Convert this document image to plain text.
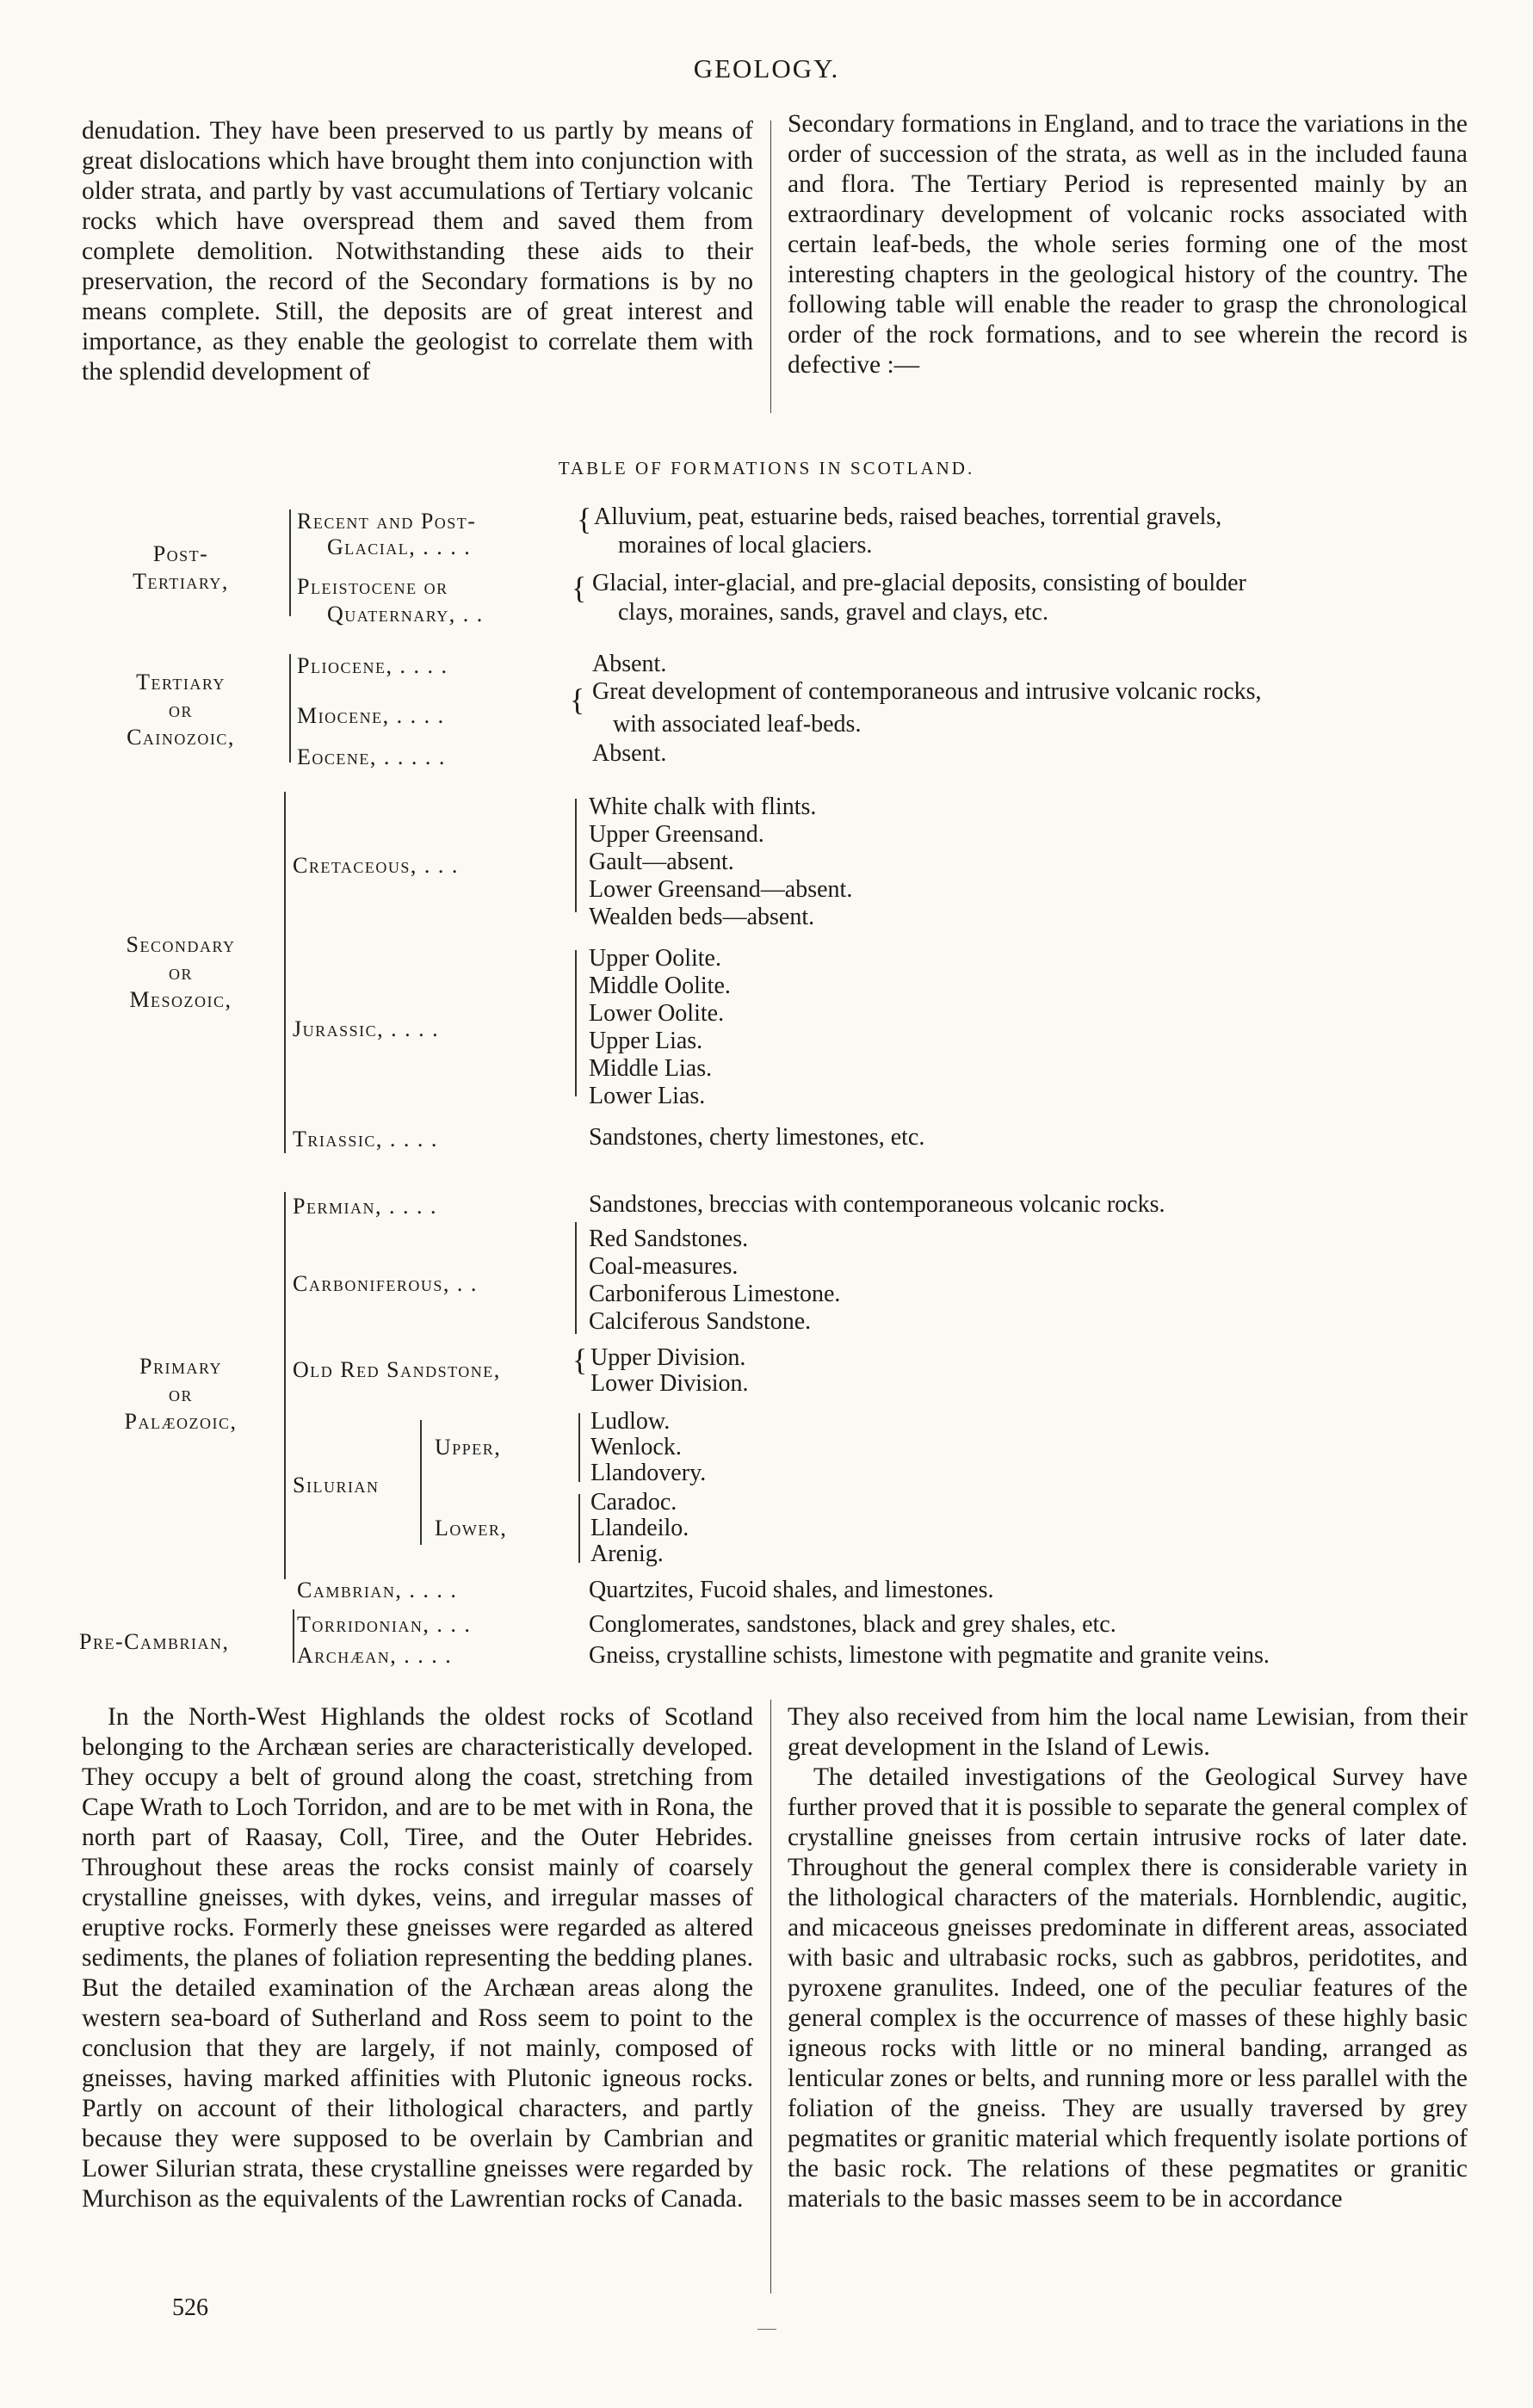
GEOLOGY.

denudation. They have been preserved to us partly by means of great dislocations which have brought them into conjunction with older strata, and partly by vast accumulations of Tertiary volcanic rocks which have overspread them and saved them from complete demolition. Notwithstanding these aids to their preservation, the record of the Secondary formations is by no means complete. Still, the deposits are of great interest and importance, as they enable the geologist to correlate them with the splendid development of

Secondary formations in England, and to trace the variations in the order of succession of the strata, as well as in the included fauna and flora. The Tertiary Period is represented mainly by an extraordinary development of volcanic rocks associated with certain leaf-beds, the whole series forming one of the most interesting chapters in the geological history of the country. The following table will enable the reader to grasp the chronological order of the rock formations, and to see wherein the record is defective :—

TABLE OF FORMATIONS IN SCOTLAND.
Post-
Tertiary,
Tertiary
or
Cainozoic,
Secondary
or
Mesozoic,
Primary
or
Palæozoic,
Pre-Cambrian,
Recent and Post-
Glacial, . . . .
Pleistocene or
Quaternary, . .
Pliocene, . . . .
Miocene, . . . .
Eocene, . . . . .
Cretaceous, . . .
Jurassic, . . . .
Triassic, . . . .
Permian, . . . .
Carboniferous, . .
Old Red Sandstone,
Silurian
Upper,
Lower,
Cambrian, . . . .
Torridonian, . . .
Archæan, . . . .
{
{
{
{
Alluvium, peat, estuarine beds, raised beaches, torrential gravels,
moraines of local glaciers.
Glacial, inter-glacial, and pre-glacial deposits, consisting of boulder
clays, moraines, sands, gravel and clays, etc.
Absent.
Great development of contemporaneous and intrusive volcanic rocks,
with associated leaf-beds.
Absent.
White chalk with flints.
Upper Greensand.
Gault—absent.
Lower Greensand—absent.
Wealden beds—absent.
Upper Oolite.
Middle Oolite.
Lower Oolite.
Upper Lias.
Middle Lias.
Lower Lias.
Sandstones, cherty limestones, etc.
Sandstones, breccias with contemporaneous volcanic rocks.
Red Sandstones.
Coal-measures.
Carboniferous Limestone.
Calciferous Sandstone.
Upper Division.
Lower Division.
Ludlow.
Wenlock.
Llandovery.
Caradoc.
Llandeilo.
Arenig.
Quartzites, Fucoid shales, and limestones.
Conglomerates, sandstones, black and grey shales, etc.
Gneiss, crystalline schists, limestone with pegmatite and granite veins.

In the North-West Highlands the oldest rocks of Scotland belonging to the Archæan series are characteristically developed. They occupy a belt of ground along the coast, stretching from Cape Wrath to Loch Torridon, and are to be met with in Rona, the north part of Raasay, Coll, Tiree, and the Outer Hebrides. Throughout these areas the rocks consist mainly of coarsely crystalline gneisses, with dykes, veins, and irregular masses of eruptive rocks. Formerly these gneisses were regarded as altered sediments, the planes of foliation representing the bedding planes. But the detailed examination of the Archæan areas along the western sea-board of Sutherland and Ross seem to point to the conclusion that they are largely, if not mainly, composed of gneisses, having marked affinities with Plutonic igneous rocks. Partly on account of their lithological characters, and partly because they were supposed to be overlain by Cambrian and Lower Silurian strata, these crystalline gneisses were regarded by Murchison as the equivalents of the Lawrentian rocks of Canada.

They also received from him the local name Lewisian, from their great development in the Island of Lewis.

The detailed investigations of the Geological Survey have further proved that it is possible to separate the general complex of crystalline gneisses from certain intrusive rocks of later date. Throughout the general complex there is considerable variety in the lithological characters of the materials. Hornblendic, augitic, and micaceous gneisses predominate in different areas, associated with basic and ultrabasic rocks, such as gabbros, peridotites, and pyroxene granulites. Indeed, one of the peculiar features of the general complex is the occurrence of masses of these highly basic igneous rocks with little or no mineral banding, arranged as lenticular zones or belts, and running more or less parallel with the foliation of the gneiss. They are usually traversed by grey pegmatites or granitic material which frequently isolate portions of the basic rock. The relations of these pegmatites or granitic materials to the basic masses seem to be in accordance

526
